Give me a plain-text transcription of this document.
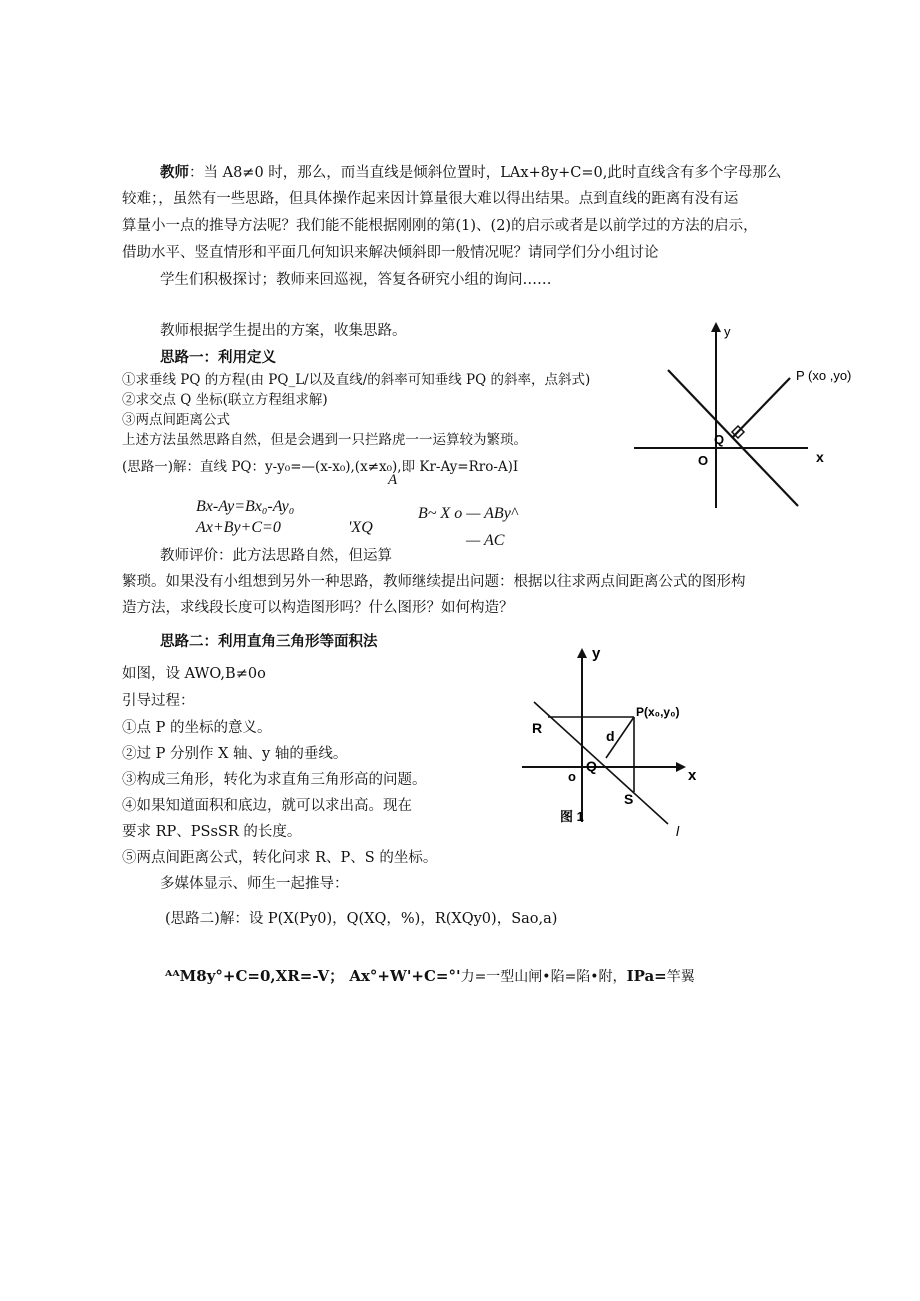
教师：当 A8≠0 时，那么，而当直线是倾斜位置时，LAx+8y+C=0,此时直线含有多个字母那么
较难；，虽然有一些思路，但具体操作起来因计算量很大难以得出结果。点到直线的距离有没有运
算量小一点的推导方法呢？我们能不能根据刚刚的第(1)、(2)的启示或者是以前学过的方法的启示，
借助水平、竖直情形和平面几何知识来解决倾斜即一般情况呢？请同学们分小组讨论
学生们积极探讨；教师来回巡视，答复各研究小组的询问……
教师根据学生提出的方案，收集思路。
思路一：利用定义
①求垂线 PQ 的方程(由 PQ_L/以及直线/的斜率可知垂线 PQ 的斜率，点斜式)
②求交点 Q 坐标(联立方程组求解)
③两点间距离公式
上述方法虽然思路自然，但是会遇到一只拦路虎一一运算较为繁琐。
(思路一)解：直线 PQ：y-y₀=—(x-x₀),(x≠x₀),即 Kr-Ay=Rro-A)I
A
Bx-Ay=Bx₀-Ay₀
Ax+By+C=0	'XQ
B~ X o — ABy^
— AC
教师评价：此方法思路自然，但运算
繁琐。如果没有小组想到另外一种思路，教师继续提出问题：根据以往求两点间距离公式的图形构
造方法，求线段长度可以构造图形吗？什么图形？如何构造？
思路二：利用直角三角形等面积法
如图，设 AWO,B≠0o
引导过程：
①点 P 的坐标的意义。
②过 P 分别作 X 轴、y 轴的垂线。
③构成三角形，转化为求直角三角形高的问题。
④如果知道面积和底边，就可以求出高。现在
要求 RP、PSsSR 的长度。
⑤两点间距离公式，转化问求 R、P、S 的坐标。
多媒体显示、师生一起推导：
(思路二)解：设 P(X(Py0)，Q(XQ，%)，R(XQy0)，Sao,a)
ᴬᴬM8y°+C=0,XR=-V； Ax°+W'+C=°'力=一型山闸•陷=陷•附，IPa=竿翼
y
x
O
Q
P (xo ,yo)
R
y
x
o
Q
d
P(x₀,y₀)
S
图 1
l
